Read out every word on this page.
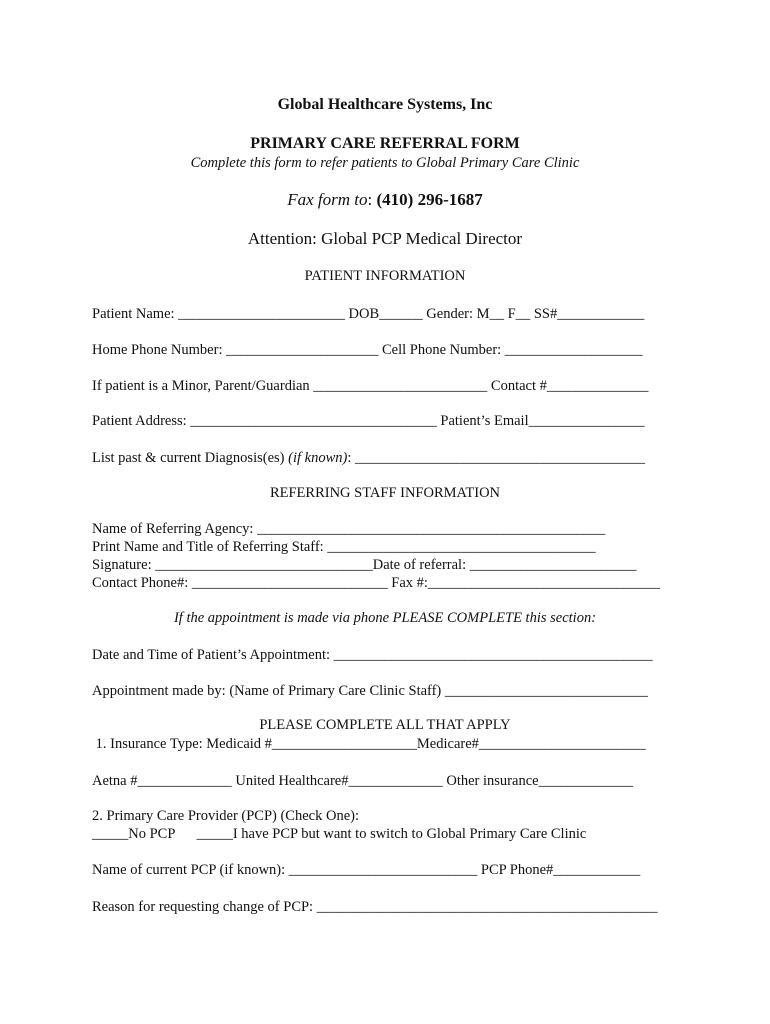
Global Healthcare Systems, Inc
PRIMARY CARE REFERRAL FORM
Complete this form to refer patients to Global Primary Care Clinic
Fax form to: (410) 296-1687
Attention: Global PCP Medical Director
PATIENT INFORMATION
Patient Name: _______________________ DOB______ Gender: M__ F__ SS#____________
Home Phone Number: _____________________ Cell Phone Number: ___________________
If patient is a Minor, Parent/Guardian ________________________ Contact #______________
Patient Address: __________________________________ Patient’s Email________________
List past & current Diagnosis(es) (if known): ________________________________________
REFERRING STAFF INFORMATION
Name of Referring Agency: ________________________________________________
Print Name and Title of Referring Staff: _____________________________________
Signature: ______________________________Date of referral: _______________________
Contact Phone#: ___________________________ Fax #:________________________________
If the appointment is made via phone PLEASE COMPLETE this section:
Date and Time of Patient’s Appointment: ____________________________________________
Appointment made by: (Name of Primary Care Clinic Staff) ____________________________
PLEASE COMPLETE ALL THAT APPLY
1. Insurance Type: Medicaid #____________________Medicare#_______________________
Aetna #_____________ United Healthcare#_____________ Other insurance_____________
2. Primary Care Provider (PCP) (Check One):
_____No PCP      _____I have PCP but want to switch to Global Primary Care Clinic
Name of current PCP (if known): __________________________ PCP Phone#____________
Reason for requesting change of PCP: _______________________________________________
